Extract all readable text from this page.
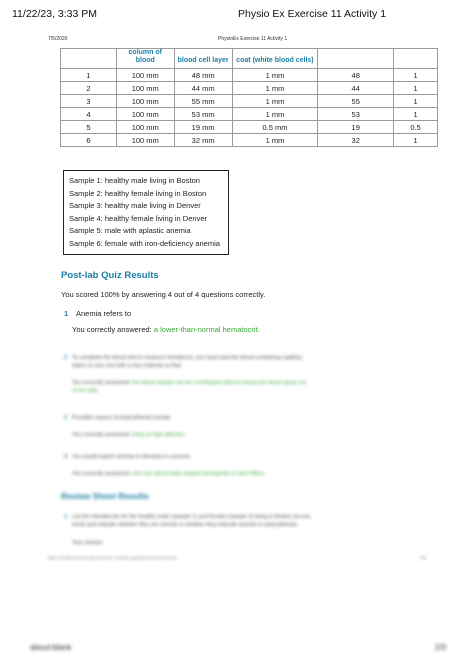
11/22/23, 3:33 PM	Physio Ex Exercise 11 Activity 1
7/5/2020	PhysioEx Exercise 11 Activity 1
	column of blood	blood cell layer	coat (white blood cells)		
1	100 mm	48 mm	1 mm	48	1
2	100 mm	44 mm	1 mm	44	1
3	100 mm	55 mm	1 mm	55	1
4	100 mm	53 mm	1 mm	53	1
5	100 mm	19 mm	0.5 mm	19	0.5
6	100 mm	32 mm	1 mm	32	1
Sample 1: healthy male living in Boston
Sample 2: healthy female living in Boston
Sample 3: healthy male living in Denver
Sample 4: healthy female living in Denver
Sample 5: male with aplastic anemia
Sample 6: female with iron-deficiency anemia
Post-lab Quiz Results
You scored 100% by answering 4 out of 4 questions correctly.
1 Anemia refers to
You correctly answered: a lower-than-normal hematocrit.
2 To complete the blood test to measure hematocrit, you must seal the blood-containing capillary
tubes on one end with a clay material so that
You correctly answered: the blood sample can be centrifuged without having the blood spray out
of the tube.
3 Possible causes of polycythemia include
You correctly answered: living at high altitudes.
4 You would expect anemia to develop in a person
You correctly answered: who has abnormally shaped hemoglobin in their RBCs.
Review Sheet Results
1 List the hematocrits for the healthy male (sample 1) and female (sample 2) living in Boston (at sea
level) and indicate whether they are normal or whether they indicate anemia or polycythemia.
Your answer:
https://media.pearsoncmg.com/bc/bc_0media_ap/physioex/10/ex11/act1/	6/8
about:blank	2/3
